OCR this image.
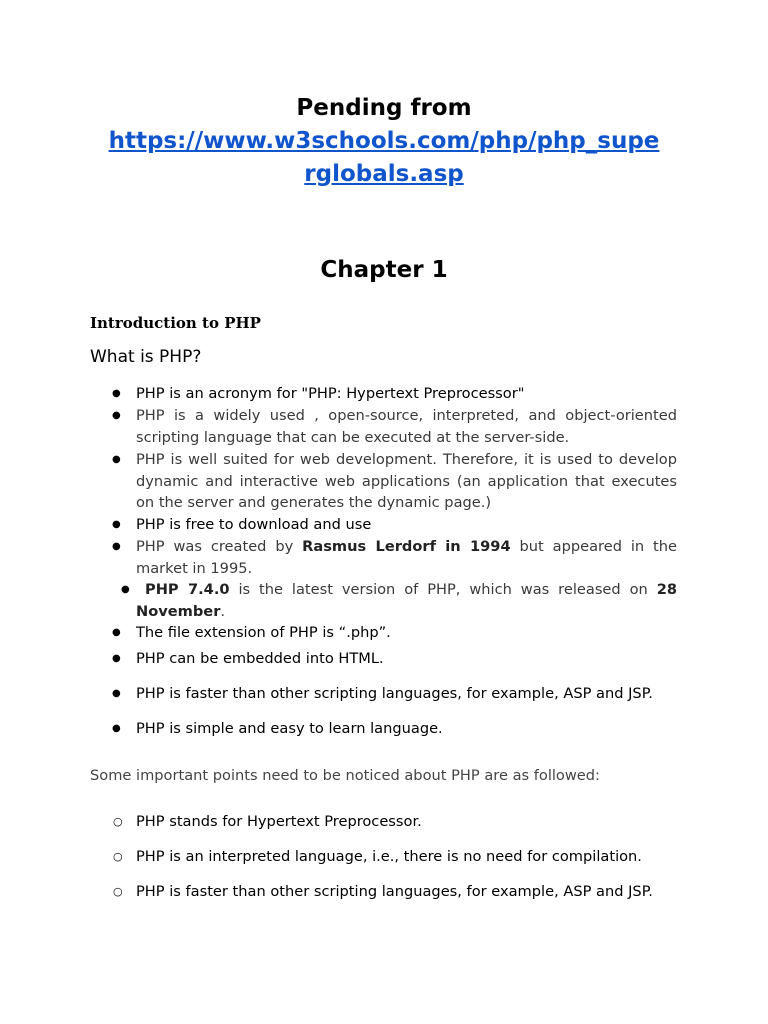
Pending from
https://www.w3schools.com/php/php_supe
rglobals.asp
Chapter 1
Introduction to PHP
What is PHP?
● PHP is an acronym for "PHP: Hypertext Preprocessor"
● PHP is a widely used , open-source, interpreted, and object-oriented scripting language that can be executed at the server-side.
● PHP is well suited for web development. Therefore, it is used to develop dynamic and interactive web applications (an application that executes on the server and generates the dynamic page.)
● PHP is free to download and use
● PHP was created by Rasmus Lerdorf in 1994 but appeared in the market in 1995.
● PHP 7.4.0 is the latest version of PHP, which was released on 28 November.
● The file extension of PHP is “.php”.
● PHP can be embedded into HTML.
● PHP is faster than other scripting languages, for example, ASP and JSP.
● PHP is simple and easy to learn language.
Some important points need to be noticed about PHP are as followed:
○ PHP stands for Hypertext Preprocessor.
○ PHP is an interpreted language, i.e., there is no need for compilation.
○ PHP is faster than other scripting languages, for example, ASP and JSP.
